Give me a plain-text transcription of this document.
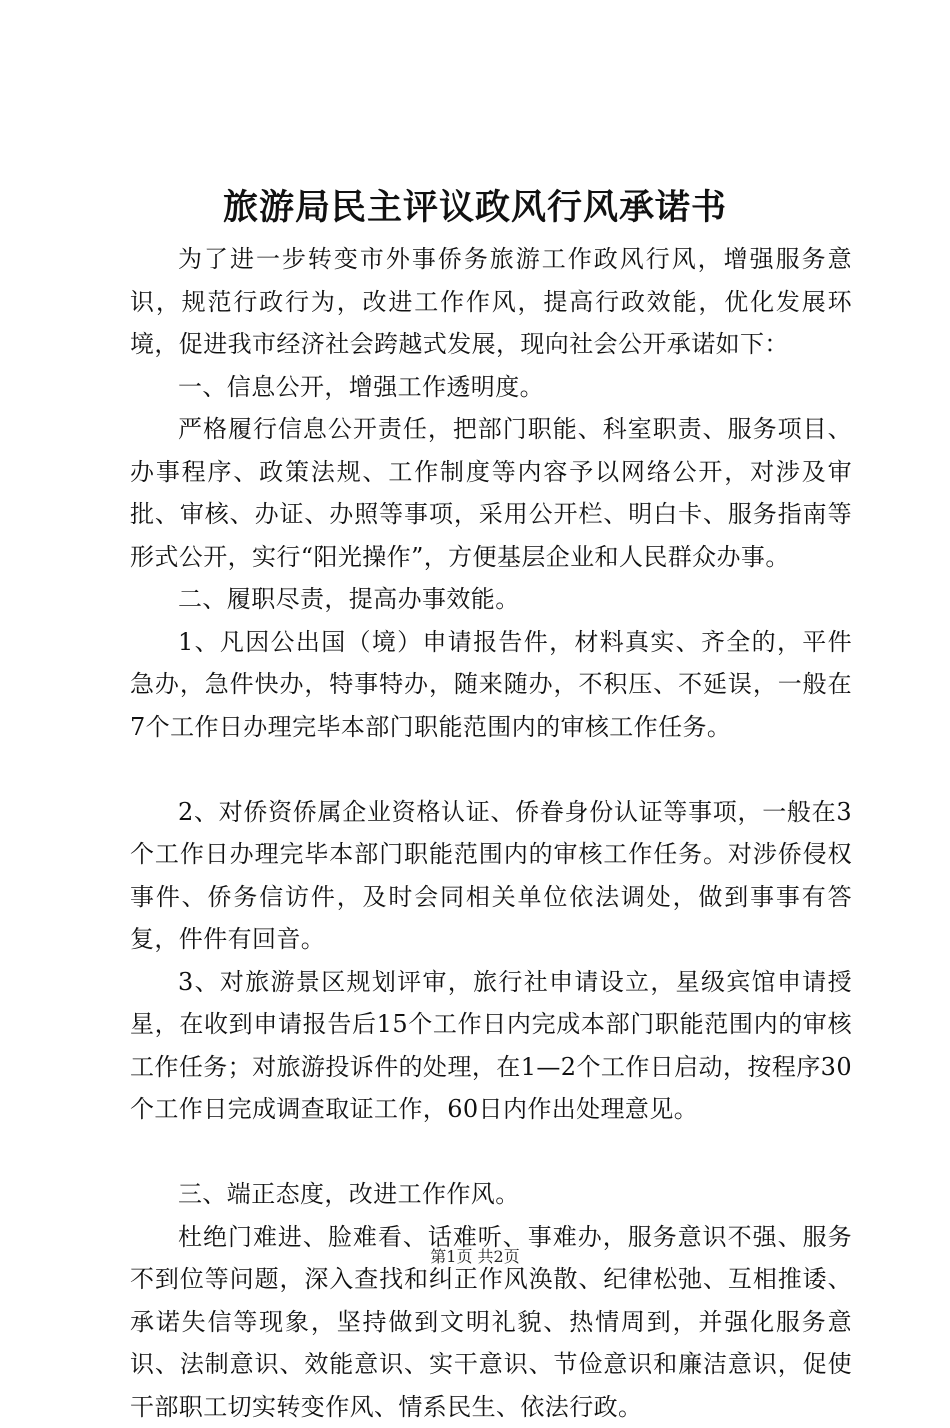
旅游局民主评议政风行风承诺书

为了进一步转变市外事侨务旅游工作政风行风，增强服务意识，规范行政行为，改进工作作风，提高行政效能，优化发展环境，促进我市经济社会跨越式发展，现向社会公开承诺如下：

一、信息公开，增强工作透明度。

严格履行信息公开责任，把部门职能、科室职责、服务项目、办事程序、政策法规、工作制度等内容予以网络公开，对涉及审批、审核、办证、办照等事项，采用公开栏、明白卡、服务指南等形式公开，实行“阳光操作”，方便基层企业和人民群众办事。

二、履职尽责，提高办事效能。

1、凡因公出国（境）申请报告件，材料真实、齐全的，平件急办，急件快办，特事特办，随来随办，不积压、不延误，一般在7个工作日办理完毕本部门职能范围内的审核工作任务。

2、对侨资侨属企业资格认证、侨眷身份认证等事项，一般在3个工作日办理完毕本部门职能范围内的审核工作任务。对涉侨侵权事件、侨务信访件，及时会同相关单位依法调处，做到事事有答复，件件有回音。

3、对旅游景区规划评审，旅行社申请设立，星级宾馆申请授星，在收到申请报告后15个工作日内完成本部门职能范围内的审核工作任务；对旅游投诉件的处理，在1—2个工作日启动，按程序30个工作日完成调查取证工作，60日内作出处理意见。

三、端正态度，改进工作作风。

杜绝门难进、脸难看、话难听、事难办，服务意识不强、服务不到位等问题，深入查找和纠正作风涣散、纪律松弛、互相推诿、承诺失信等现象，坚持做到文明礼貌、热情周到，并强化服务意识、法制意识、效能意识、实干意识、节俭意识和廉洁意识，促使干部职工切实转变作风、情系民生、依法行政。

第1页 共2页
